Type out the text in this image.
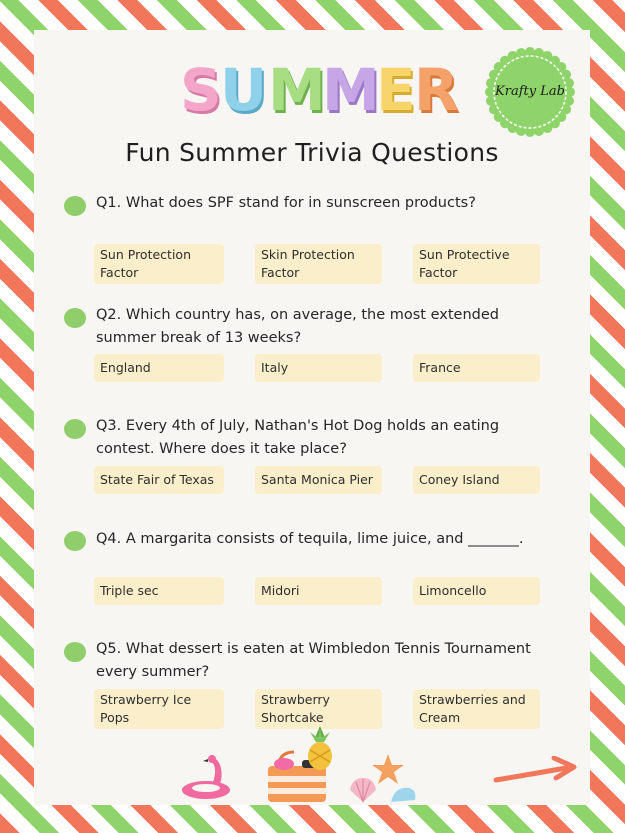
S
U M
M
E
R	Krafty Lab
Fun Summer Trivia Questions
Q1. What does SPF stand for in sunscreen products?
Sun Protection Factor
Skin Protection Factor
Sun Protective Factor
Q2. Which country has, on average, the most extended summer break of 13 weeks?
England	Italy	France
Q3. Every 4th of July, Nathan's Hot Dog holds an eating contest. Where does it take place?
State Fair of Texas	Santa Monica Pier	Coney Island
Q4. A margarita consists of tequila, lime juice, and _______.
Triple sec	Midori	Limoncello
Q5. What dessert is eaten at Wimbledon Tennis Tournament every summer?
Strawberry Ice Pops
Strawberry Shortcake
Strawberries and Cream
